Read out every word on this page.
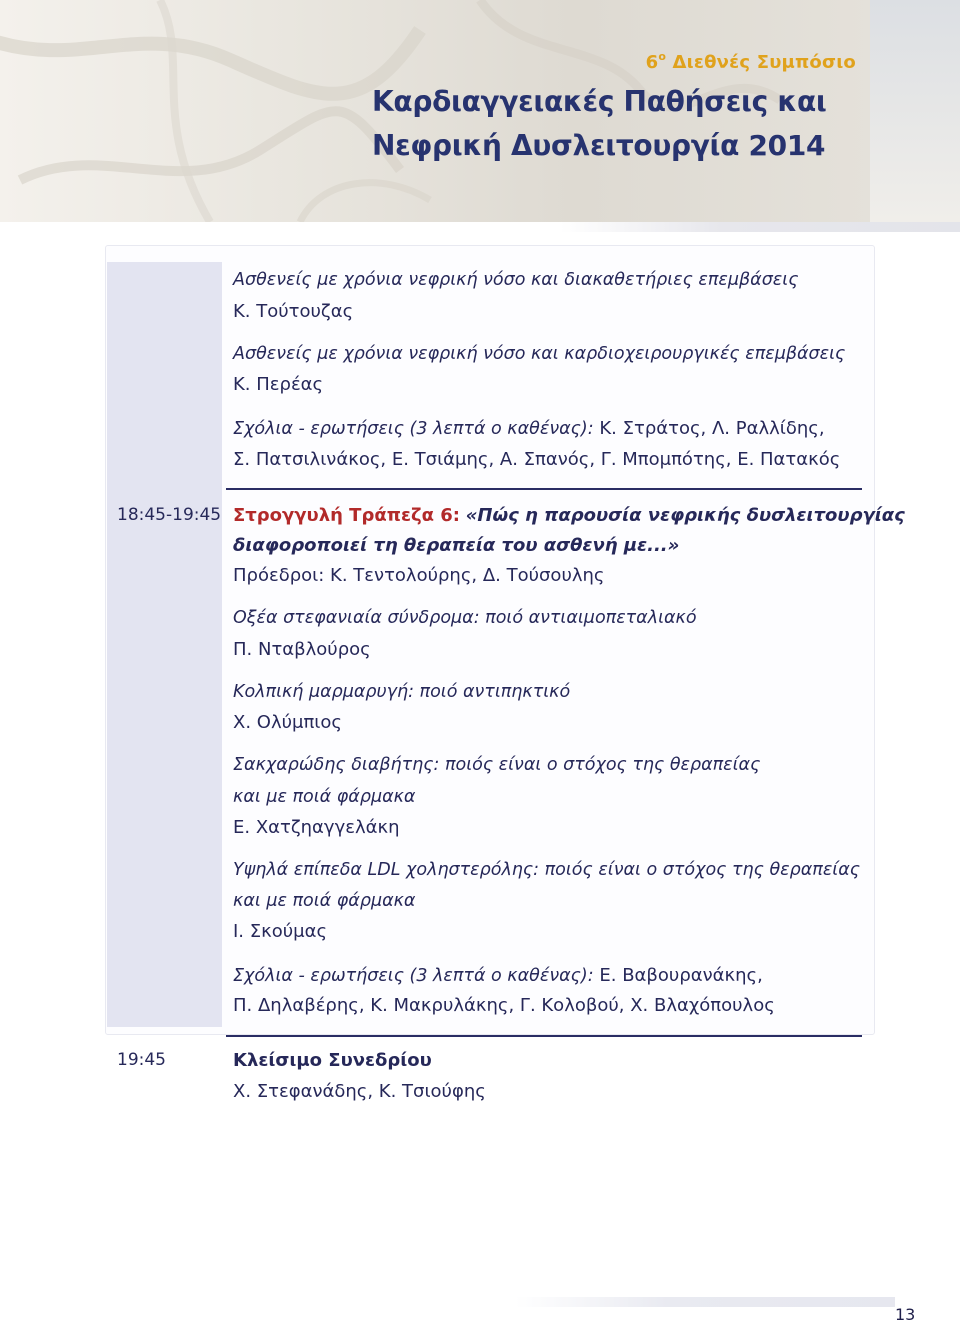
$6^o$ Διεθνές Συμπόσιο
Καρδιαγγειακές Παθήσεις και
Νεφρική Δυσλειτουργία 2014
Ασθενείς με χρόνια νεφρική νόσο και διακαθετήριες επεμβάσεις
Κ. Τούτουζας
Ασθενείς με χρόνια νεφρική νόσο και καρδιοχειρουργικές επεμβάσεις
Κ. Περέας
Σχόλια - ερωτήσεις (3 λεπτά ο καθένας): Κ. Στράτος, Λ. Ραλλίδης,
Σ. Πατσιλινάκος, Ε. Τσιάμης, Α. Σπανός, Γ. Μπομπότης, Ε. Πατακός
18:45-19:45 Στρογγυλή Τράπεζα 6: «Πώς η παρουσία νεφρικής δυσλειτουργίας
διαφοροποιεί τη θεραπεία του ασθενή με...»
Πρόεδροι: Κ. Τεντολούρης, Δ. Τούσουλης
Οξέα στεφανιαία σύνδρομα: ποιό αντιαιμοπεταλιακό
Π. Νταβλούρος
Κολπική μαρμαρυγή: ποιό αντιπηκτικό
Χ. Ολύμπιος
Σακχαρώδης διαβήτης: ποιός είναι ο στόχος της θεραπείας
και με ποιά φάρμακα
Ε. Χατζηαγγελάκη
Υψηλά επίπεδα LDL χοληστερόλης: ποιός είναι ο στόχος της θεραπείας
και με ποιά φάρμακα
Ι. Σκούμας
Σχόλια - ερωτήσεις (3 λεπτά ο καθένας): Ε. Βαβουρανάκης,
Π. Δηλαβέρης, Κ. Μακρυλάκης, Γ. Κολοβού, Χ. Βλαχόπουλος
19:45	Κλείσιμο Συνεδρίου
Χ. Στεφανάδης, Κ. Τσιούφης
13
